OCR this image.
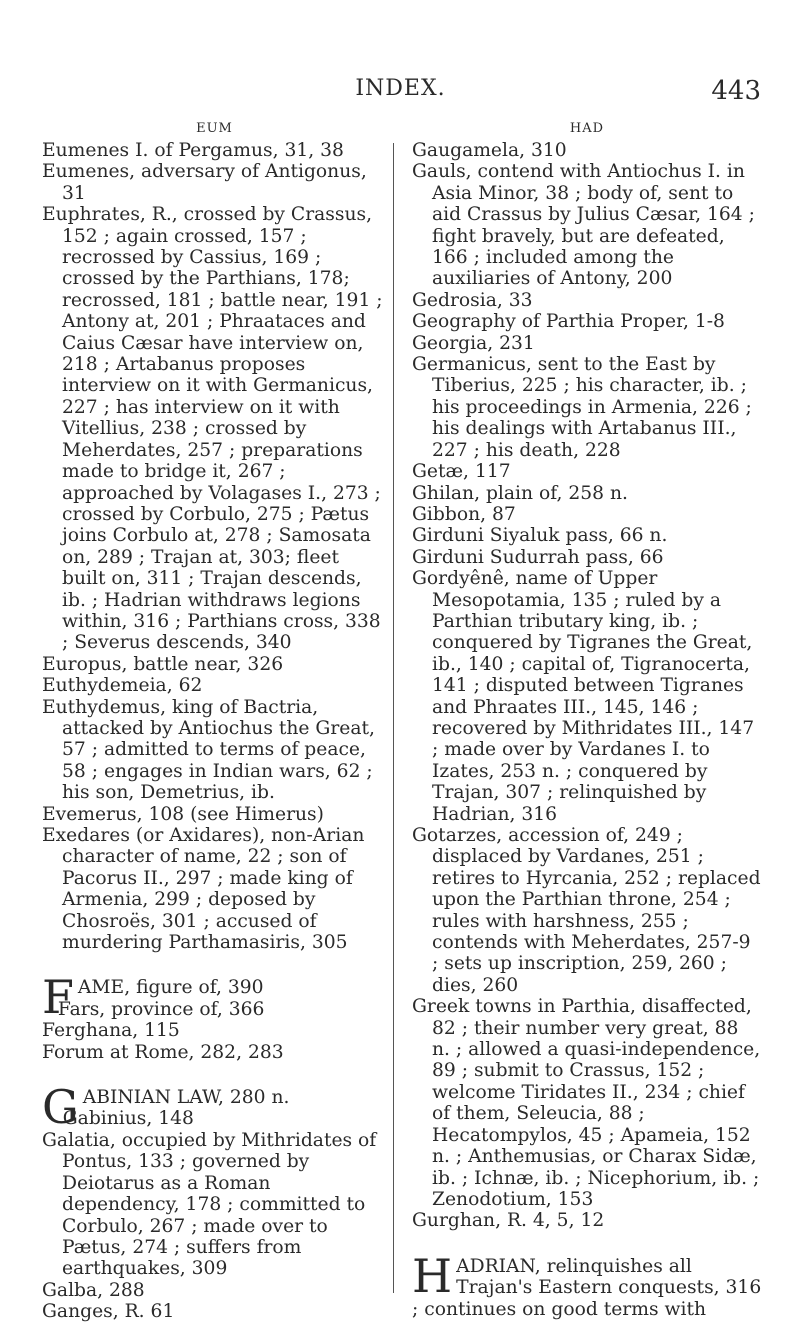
INDEX.	443
EUM

Eumenes I. of Pergamus, 31, 38

Eumenes, adversary of Antigonus, 31

Euphrates, R., crossed by Crassus, 152 ; again crossed, 157 ; recrossed by Cassius, 169 ; crossed by the Parthians, 178; recrossed, 181 ; battle near, 191 ; Antony at, 201 ; Phraataces and Caius Cæsar have interview on, 218 ; Artabanus proposes interview on it with Germanicus, 227 ; has interview on it with Vitellius, 238 ; crossed by Meherdates, 257 ; preparations made to bridge it, 267 ; approached by Volagases I., 273 ; crossed by Corbulo, 275 ; Pætus joins Corbulo at, 278 ; Samosata on, 289 ; Trajan at, 303; fleet built on, 311 ; Trajan descends, ib. ; Hadrian withdraws legions within, 316 ; Parthians cross, 338 ; Severus descends, 340

Europus, battle near, 326

Euthydemeia, 62

Euthydemus, king of Bactria, attacked by Antiochus the Great, 57 ; admitted to terms of peace, 58 ; engages in Indian wars, 62 ; his son, Demetrius, ib.

Evemerus, 108 (see Himerus)

Exedares (or Axidares), non-Arian character of name, 22 ; son of Pacorus II., 297 ; made king of Armenia, 299 ; deposed by Chosroës, 301 ; accused of murdering Parthamasiris, 305

FAME, figure of, 390

Fars, province of, 366

Ferghana, 115

Forum at Rome, 282, 283

GABINIAN LAW, 280 n.

Gabinius, 148

Galatia, occupied by Mithridates of Pontus, 133 ; governed by Deiotarus as a Roman dependency, 178 ; committed to Corbulo, 267 ; made over to Pætus, 274 ; suffers from earthquakes, 309

Galba, 288

Ganges, R. 61

HAD

Gaugamela, 310

Gauls, contend with Antiochus I. in Asia Minor, 38 ; body of, sent to aid Crassus by Julius Cæsar, 164 ; fight bravely, but are defeated, 166 ; included among the auxiliaries of Antony, 200

Gedrosia, 33

Geography of Parthia Proper, 1-8

Georgia, 231

Germanicus, sent to the East by Tiberius, 225 ; his character, ib. ; his proceedings in Armenia, 226 ; his dealings with Artabanus III., 227 ; his death, 228

Getæ, 117

Ghilan, plain of, 258 n.

Gibbon, 87

Girduni Siyaluk pass, 66 n.

Girduni Sudurrah pass, 66

Gordyênê, name of Upper Mesopotamia, 135 ; ruled by a Parthian tributary king, ib. ; conquered by Tigranes the Great, ib., 140 ; capital of, Tigranocerta, 141 ; disputed between Tigranes and Phraates III., 145, 146 ; recovered by Mithridates III., 147 ; made over by Vardanes I. to Izates, 253 n. ; conquered by Trajan, 307 ; relinquished by Hadrian, 316

Gotarzes, accession of, 249 ; displaced by Vardanes, 251 ; retires to Hyrcania, 252 ; replaced upon the Parthian throne, 254 ; rules with harshness, 255 ; contends with Meherdates, 257-9 ; sets up inscription, 259, 260 ; dies, 260

Greek towns in Parthia, disaffected, 82 ; their number very great, 88 n. ; allowed a quasi-independence, 89 ; submit to Crassus, 152 ; welcome Tiridates II., 234 ; chief of them, Seleucia, 88 ; Hecatompylos, 45 ; Apameia, 152 n. ; Anthemusias, or Charax Sidæ, ib. ; Ichnæ, ib. ; Nicephorium, ib. ; Zenodotium, 153

Gurghan, R. 4, 5, 12

HADRIAN, relinquishes all Trajan's Eastern conquests, 316 ; continues on good terms with
